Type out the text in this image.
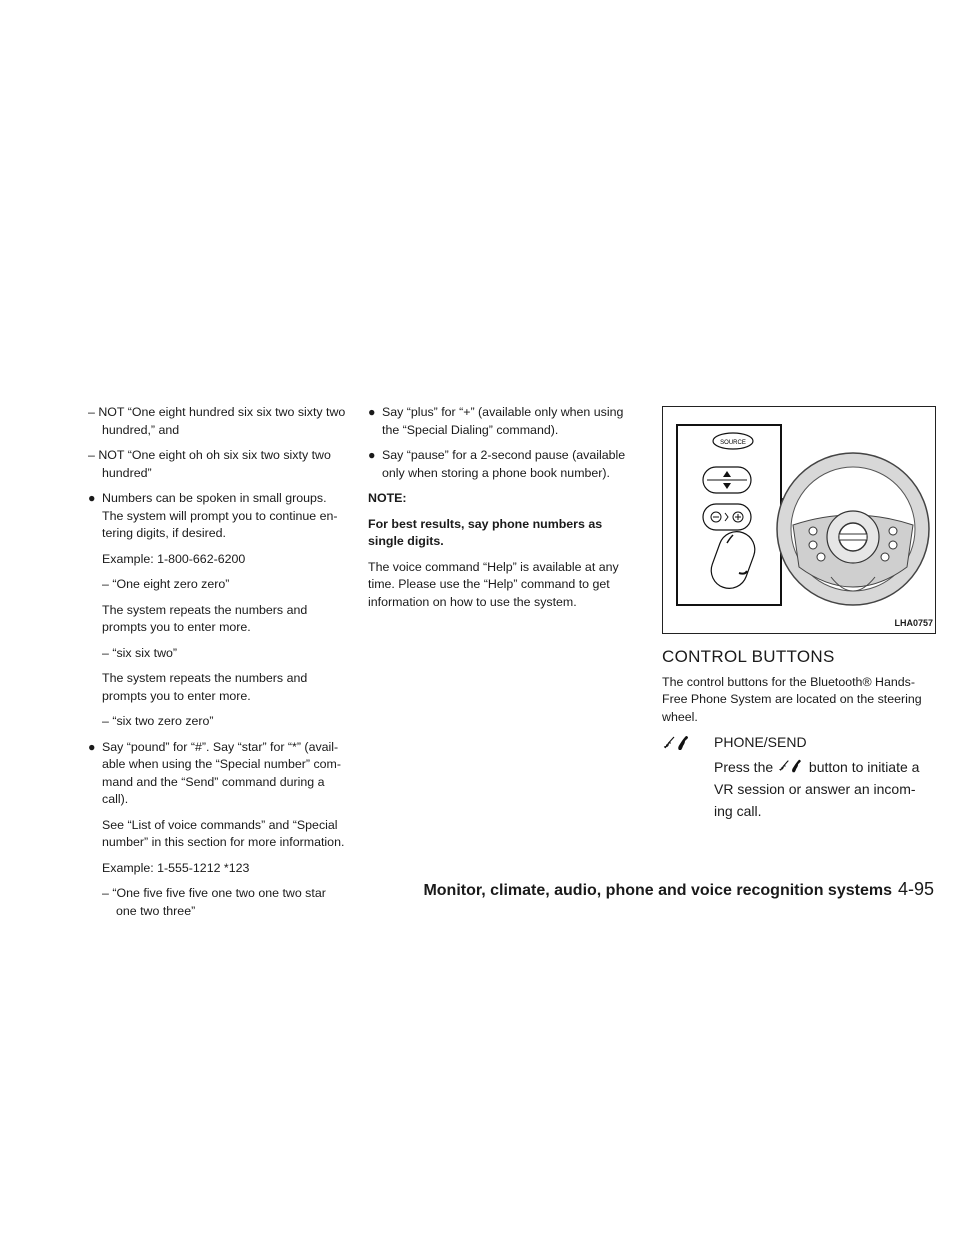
– NOT “One eight hundred six six two sixty two hundred,” and

– NOT “One eight oh oh six six two sixty two hundred”

● Numbers can be spoken in small groups. The system will prompt you to continue en-tering digits, if desired.

Example: 1-800-662-6200

– “One eight zero zero”

The system repeats the numbers and prompts you to enter more.

– “six six two”

The system repeats the numbers and prompts you to enter more.

– “six two zero zero”

● Say “pound” for “#”. Say “star” for “*” (avail-able when using the “Special number” com-mand and the “Send” command during a call).

See “List of voice commands” and “Special number” in this section for more information.

Example: 1-555-1212 *123

– “One five five five one two one two star one two three”

● Say “plus” for “+” (available only when using the “Special Dialing” command).

● Say “pause” for a 2-second pause (available only when storing a phone book number).

NOTE:

For best results, say phone numbers as single digits.

The voice command “Help” is available at any time. Please use the “Help” command to get information on how to use the system.

SOURCE
LHA0757
CONTROL BUTTONS

The control buttons for the Bluetooth® Hands-Free Phone System are located on the steering wheel.

PHONE/SEND
Press the	button to initiate a VR session or answer an incom-ing call.
Monitor, climate, audio, phone and voice recognition systems 4-95
